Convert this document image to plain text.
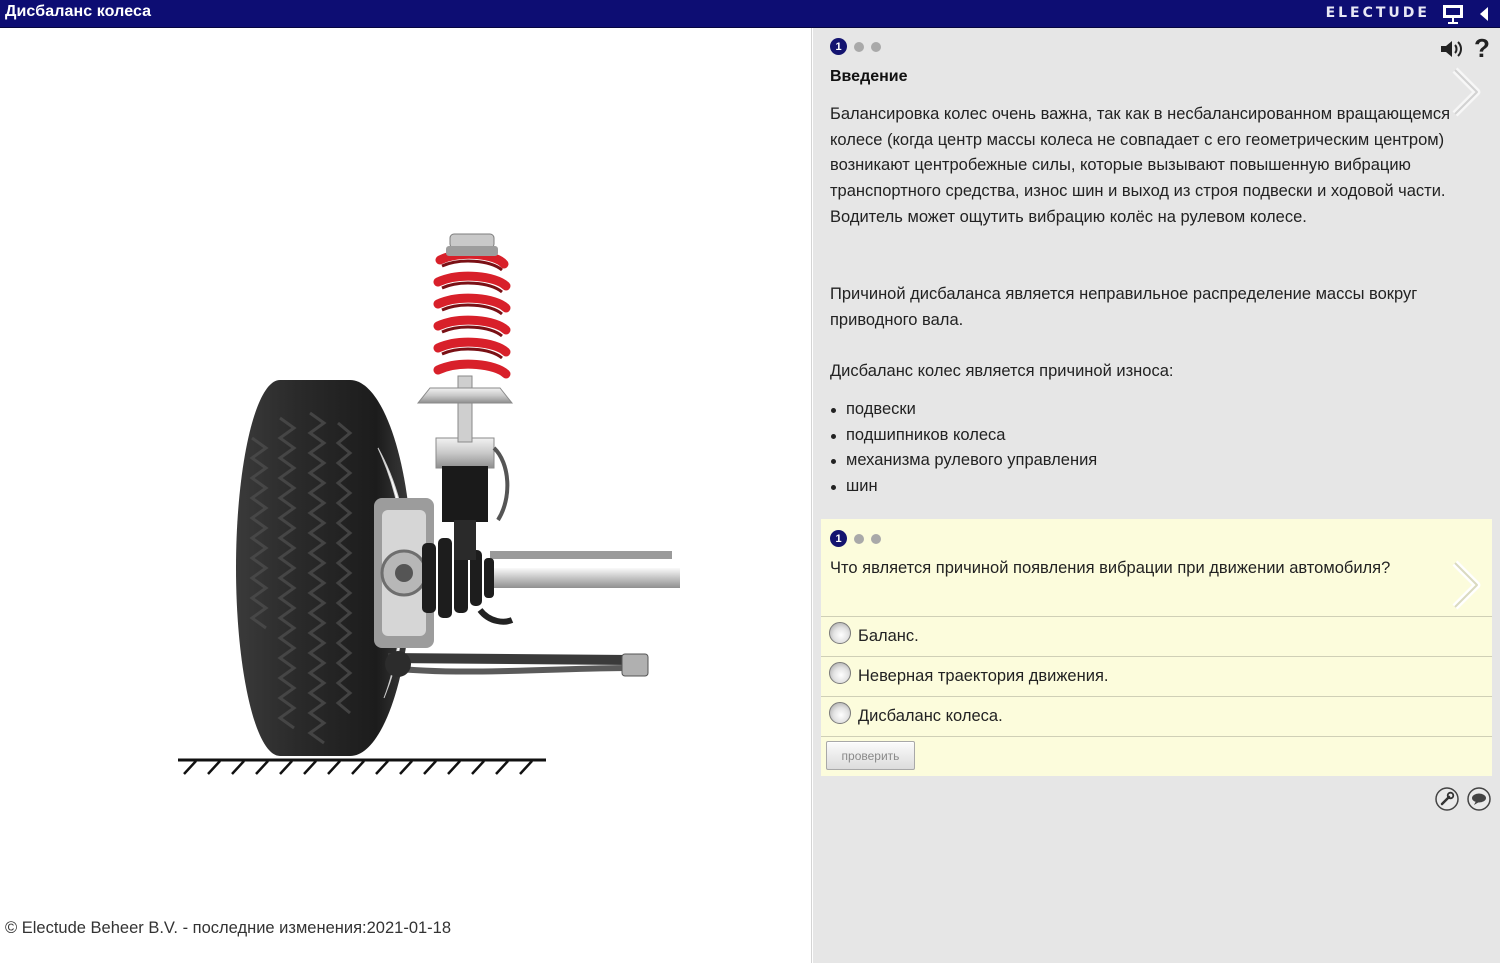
Дисбаланс колеса	ELECTUDE
© Electude Beheer B.V. - последние изменения:2021-01-18
1	?
Введение
Балансировка колес очень важна, так как в несбалансированном вращающемся колесе (когда центр массы колеса не совпадает с его геометрическим центром) возникают центробежные силы, которые вызывают повышенную вибрацию транспортного средства, износ шин и выход из строя подвески и ходовой части. Водитель может ощутить вибрацию колёс на рулевом колесе.
Причиной дисбаланса является неправильное распределение массы вокруг приводного вала.
Дисбаланс колес является причиной износа:
подвески
подшипников колеса
механизма рулевого управления
шин
1
Что является причиной появления вибрации при движении автомобиля?
Баланс.
Неверная траектория движения.
Дисбаланс колеса.
проверить
